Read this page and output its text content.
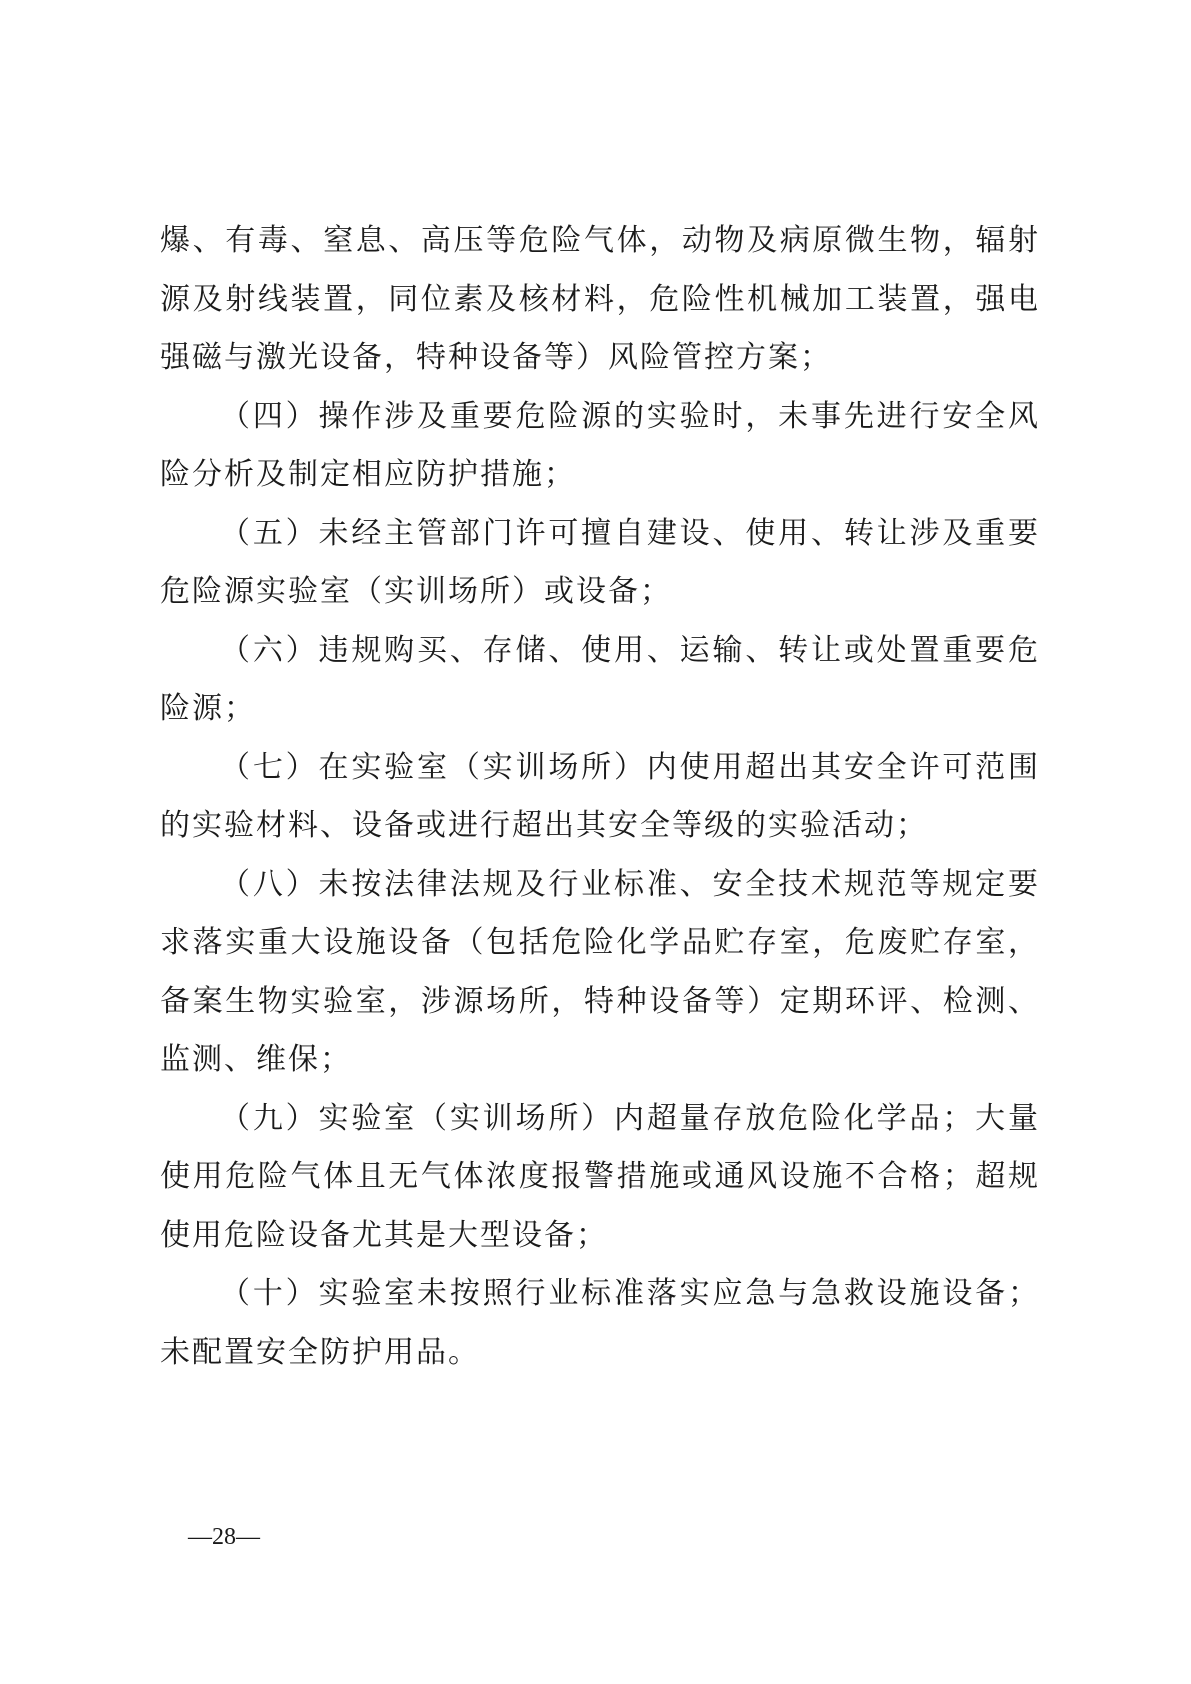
爆、有毒、窒息、高压等危险气体，动物及病原微生物，辐射源及射线装置，同位素及核材料，危险性机械加工装置，强电强磁与激光设备，特种设备等）风险管控方案；

（四）操作涉及重要危险源的实验时，未事先进行安全风险分析及制定相应防护措施；

（五）未经主管部门许可擅自建设、使用、转让涉及重要危险源实验室（实训场所）或设备；

（六）违规购买、存储、使用、运输、转让或处置重要危险源；

（七）在实验室（实训场所）内使用超出其安全许可范围的实验材料、设备或进行超出其安全等级的实验活动；

（八）未按法律法规及行业标准、安全技术规范等规定要求落实重大设施设备（包括危险化学品贮存室，危废贮存室，备案生物实验室，涉源场所，特种设备等）定期环评、检测、监测、维保；

（九）实验室（实训场所）内超量存放危险化学品；大量使用危险气体且无气体浓度报警措施或通风设施不合格；超规使用危险设备尤其是大型设备；

（十）实验室未按照行业标准落实应急与急救设施设备；未配置安全防护用品。

—28—
